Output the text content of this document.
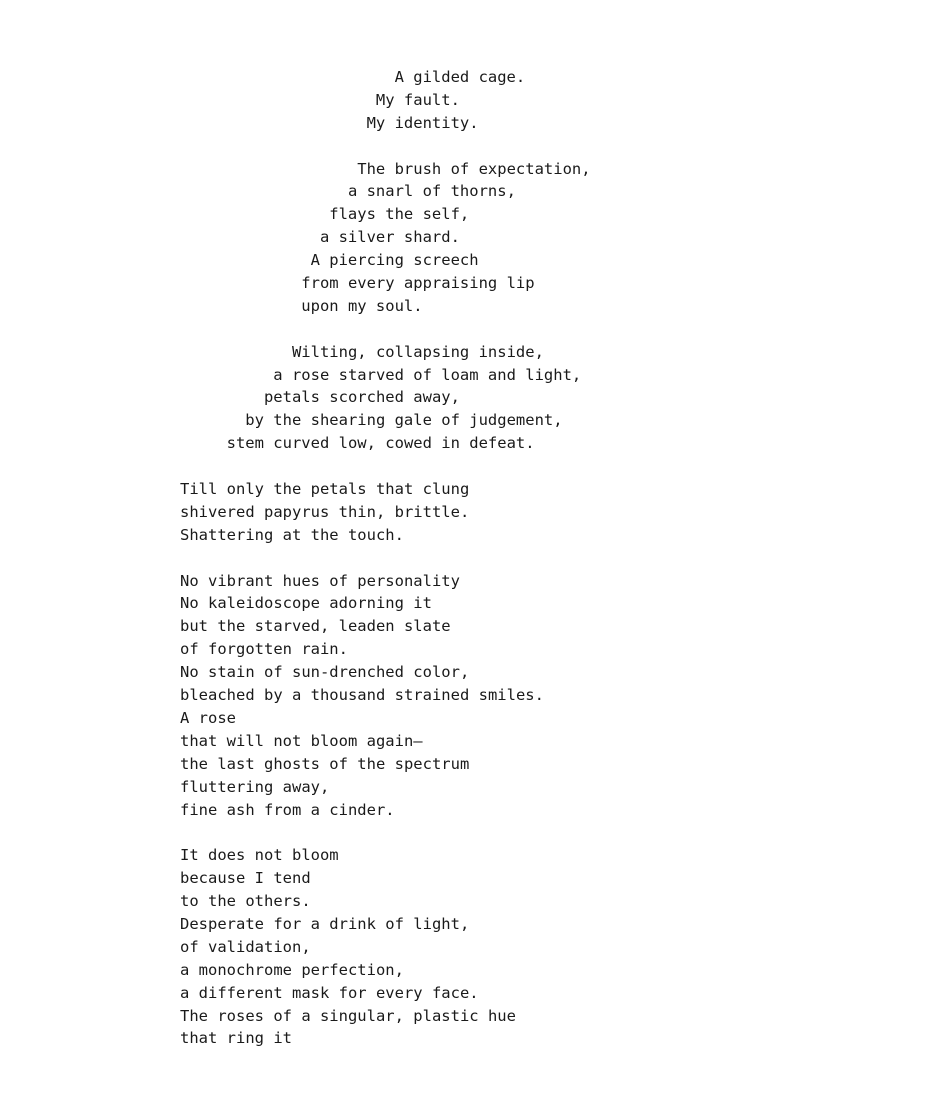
A gilded cage.
My fault.
My identity.
The brush of expectation,
a snarl of thorns,
flays the self,
a silver shard.
A piercing screech
from every appraising lip
upon my soul.
Wilting, collapsing inside,
a rose starved of loam and light,
petals scorched away,
by the shearing gale of judgement,
stem curved low, cowed in defeat.
Till only the petals that clung
shivered papyrus thin, brittle.
Shattering at the touch.
No vibrant hues of personality
No kaleidoscope adorning it
but the starved, leaden slate
of forgotten rain.
No stain of sun-drenched color,
bleached by a thousand strained smiles.
A rose
that will not bloom again—
the last ghosts of the spectrum
fluttering away,
fine ash from a cinder.
It does not bloom
because I tend
to the others.
Desperate for a drink of light,
of validation,
a monochrome perfection,
a different mask for every face.
The roses of a singular, plastic hue
that ring it
